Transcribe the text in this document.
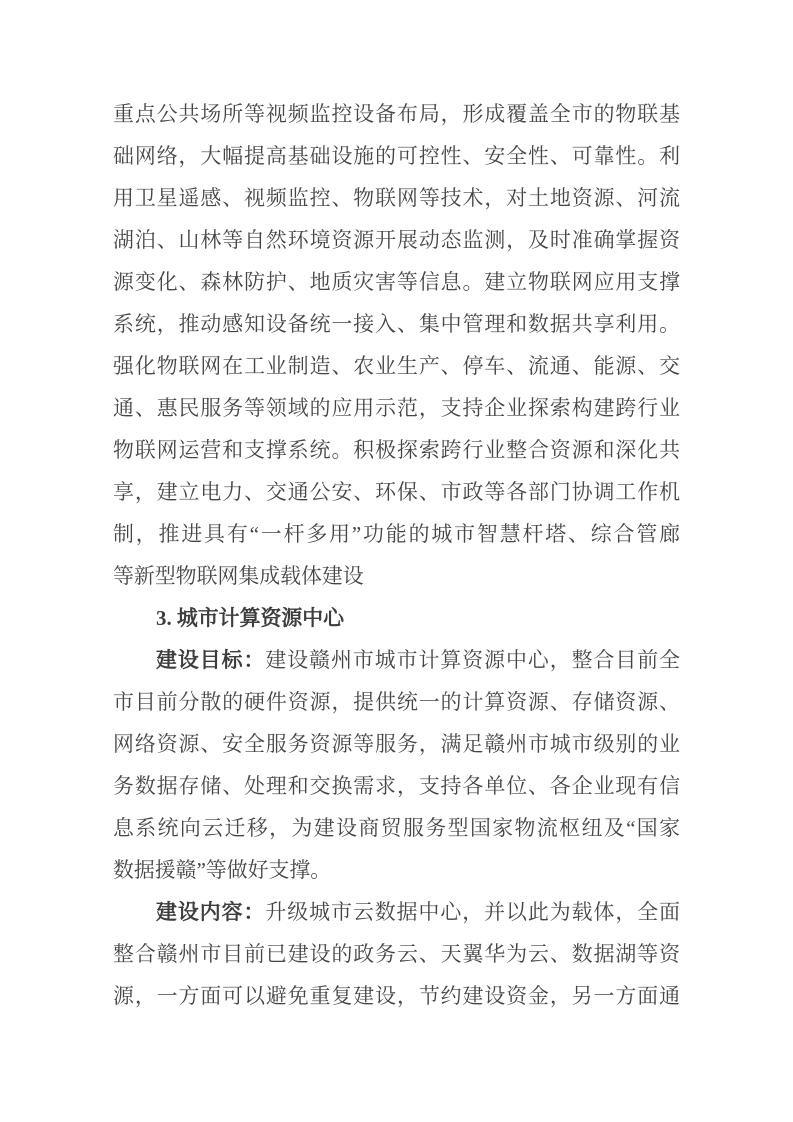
重点公共场所等视频监控设备布局，形成覆盖全市的物联基
础网络，大幅提高基础设施的可控性、安全性、可靠性。利
用卫星遥感、视频监控、物联网等技术，对土地资源、河流
湖泊、山林等自然环境资源开展动态监测，及时准确掌握资
源变化、森林防护、地质灾害等信息。建立物联网应用支撑
系统，推动感知设备统一接入、集中管理和数据共享利用。
强化物联网在工业制造、农业生产、停车、流通、能源、交
通、惠民服务等领域的应用示范，支持企业探索构建跨行业
物联网运营和支撑系统。积极探索跨行业整合资源和深化共
享，建立电力、交通公安、环保、市政等各部门协调工作机
制，推进具有“一杆多用”功能的城市智慧杆塔、综合管廊
等新型物联网集成载体建设
3. 城市计算资源中心
建设目标：建设赣州市城市计算资源中心，整合目前全
市目前分散的硬件资源，提供统一的计算资源、存储资源、
网络资源、安全服务资源等服务，满足赣州市城市级别的业
务数据存储、处理和交换需求，支持各单位、各企业现有信
息系统向云迁移，为建设商贸服务型国家物流枢纽及“国家
数据援赣”等做好支撑。
建设内容：升级城市云数据中心，并以此为载体，全面
整合赣州市目前已建设的政务云、天翼华为云、数据湖等资
源，一方面可以避免重复建设，节约建设资金，另一方面通
